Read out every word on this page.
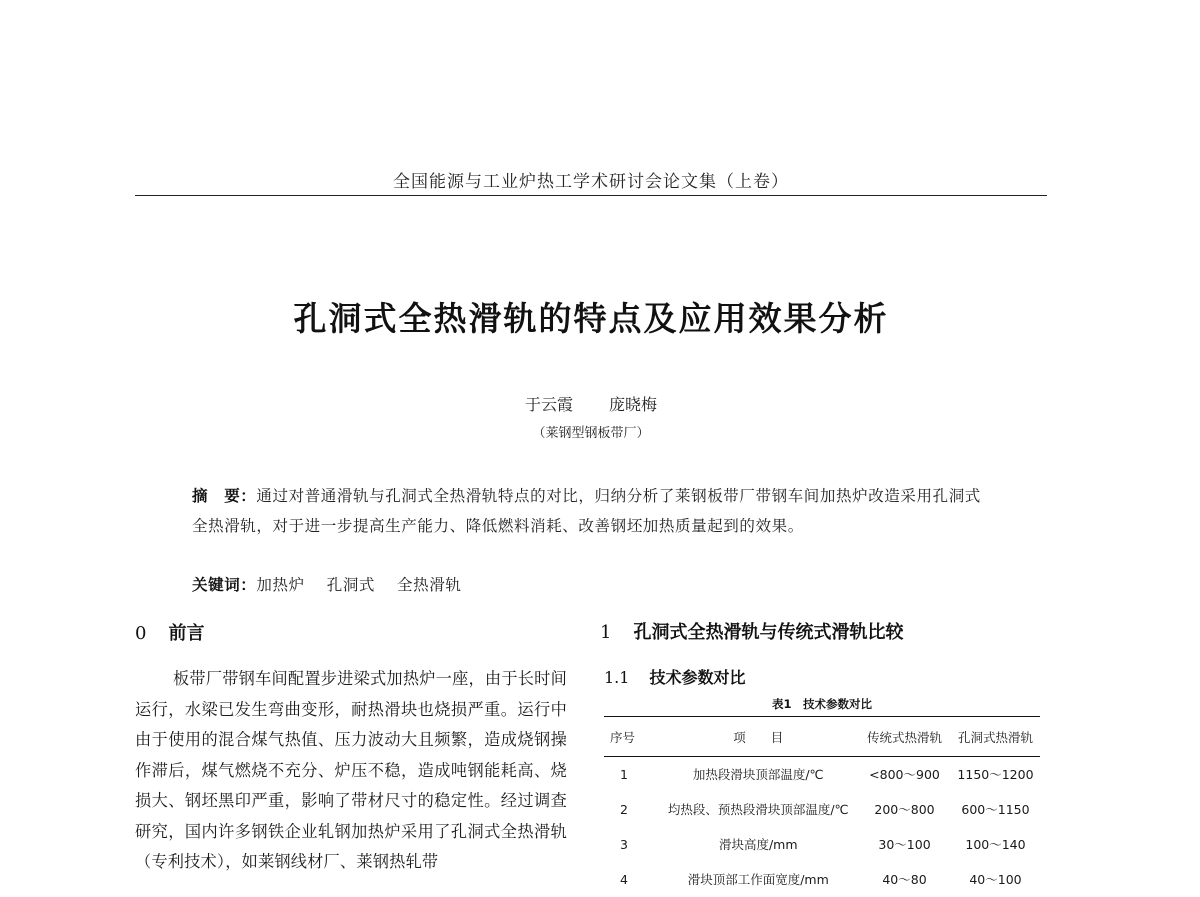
全国能源与工业炉热工学术研讨会论文集（上卷）
孔洞式全热滑轨的特点及应用效果分析
于云霞 庞晓梅
（莱钢型钢板带厂）
摘　要：通过对普通滑轨与孔洞式全热滑轨特点的对比，归纳分析了莱钢板带厂带钢车间加热炉改造采用孔洞式全热滑轨，对于进一步提高生产能力、降低燃料消耗、改善钢坯加热质量起到的效果。
关键词：加热炉 孔洞式 全热滑轨
0 前言
板带厂带钢车间配置步进梁式加热炉一座，由于长时间运行，水梁已发生弯曲变形，耐热滑块也烧损严重。运行中由于使用的混合煤气热值、压力波动大且频繁，造成烧钢操作滞后，煤气燃烧不充分、炉压不稳，造成吨钢能耗高、烧损大、钢坯黑印严重，影响了带材尺寸的稳定性。经过调查研究，国内许多钢铁企业轧钢加热炉采用了孔洞式全热滑轨（专利技术），如莱钢线材厂、莱钢热轧带
1 孔洞式全热滑轨与传统式滑轨比较
1.1 技术参数对比
表1　技术参数对比
序号	项　　目	传统式热滑轨	孔洞式热滑轨
1	加热段滑块顶部温度/℃	<800～900	1150～1200
2	均热段、预热段滑块顶部温度/℃	200～800	600～1150
3	滑块高度/mm	30～100	100～140
4	滑块顶部工作面宽度/mm	40～80	40～100
